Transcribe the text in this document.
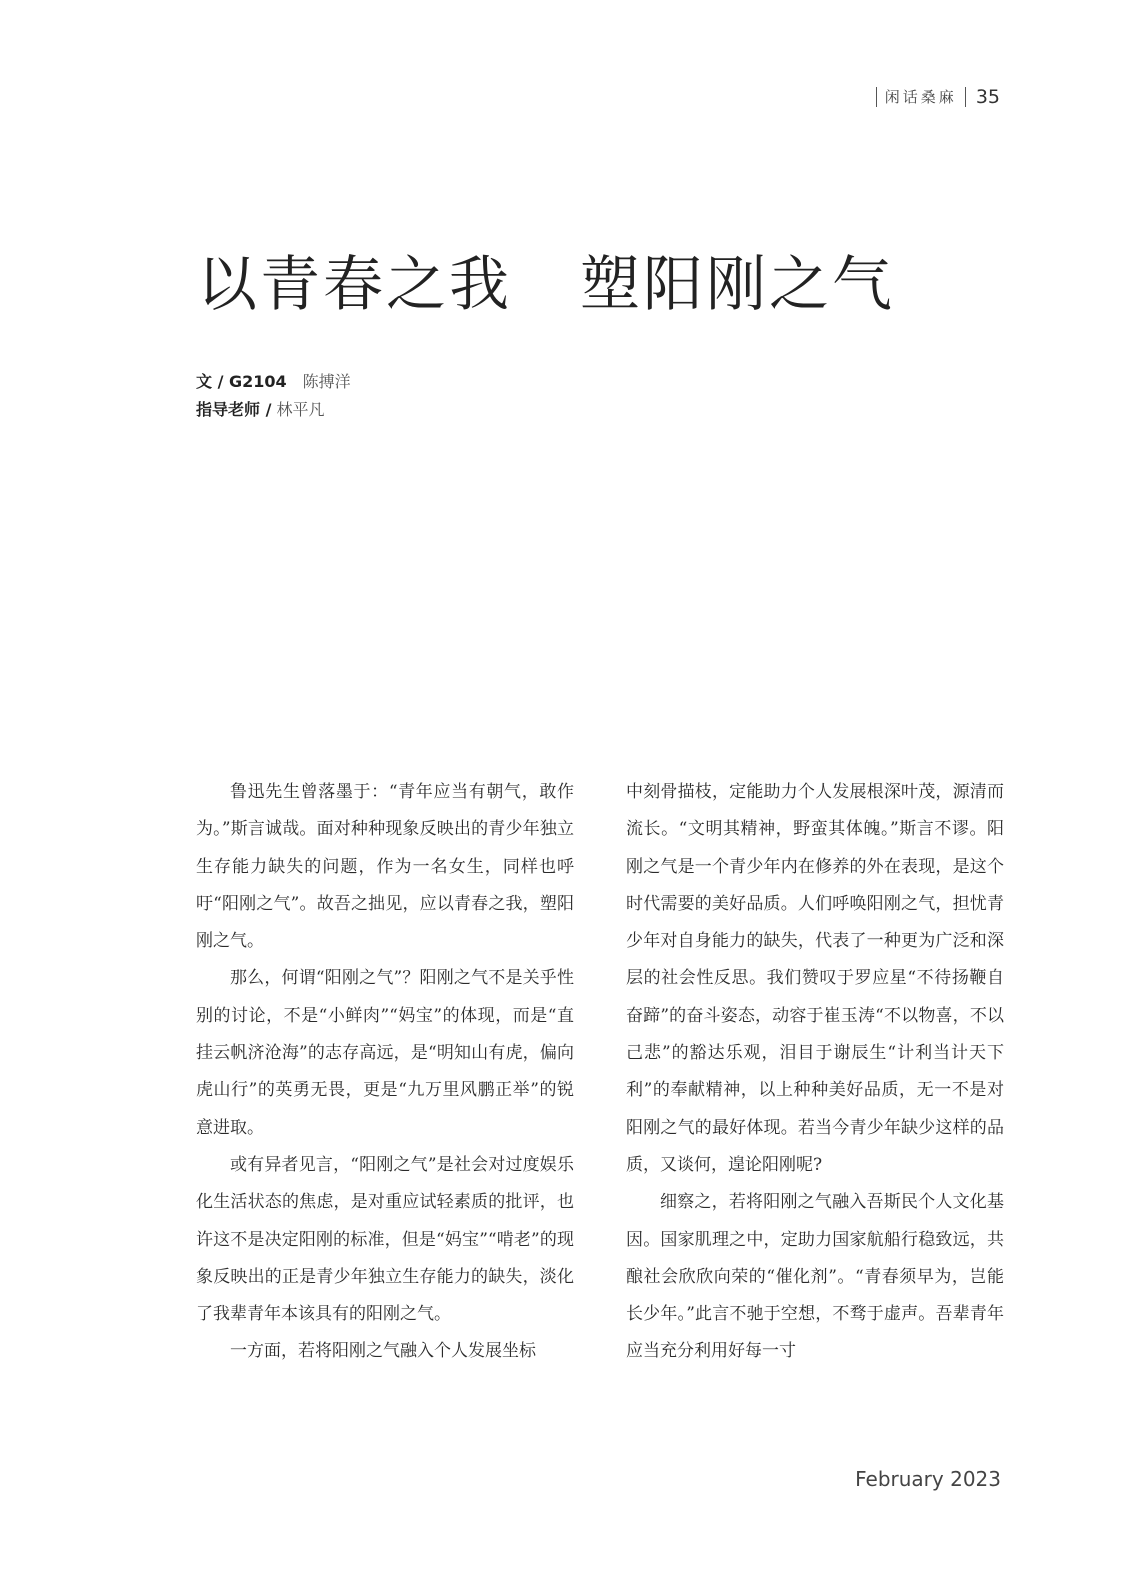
闲话桑麻	35
以青春之我 塑阳刚之气
文 / G2104 陈搏洋
指导老师 / 林平凡

鲁迅先生曾落墨于：“青年应当有朝气，敢作为。”斯言诚哉。面对种种现象反映出的青少年独立生存能力缺失的问题，作为一名女生，同样也呼吁“阳刚之气”。故吾之拙见，应以青春之我，塑阳刚之气。

那么，何谓“阳刚之气”？阳刚之气不是关乎性别的讨论，不是“小鲜肉”“妈宝”的体现，而是“直挂云帆济沧海”的志存高远，是“明知山有虎，偏向虎山行”的英勇无畏，更是“九万里风鹏正举”的锐意进取。

或有异者见言，“阳刚之气”是社会对过度娱乐化生活状态的焦虑，是对重应试轻素质的批评，也许这不是决定阳刚的标准，但是“妈宝”“啃老”的现象反映出的正是青少年独立生存能力的缺失，淡化了我辈青年本该具有的阳刚之气。

一方面，若将阳刚之气融入个人发展坐标

中刻骨描枝，定能助力个人发展根深叶茂，源清而流长。“文明其精神，野蛮其体魄。”斯言不谬。阳刚之气是一个青少年内在修养的外在表现，是这个时代需要的美好品质。人们呼唤阳刚之气，担忧青少年对自身能力的缺失，代表了一种更为广泛和深层的社会性反思。我们赞叹于罗应星“不待扬鞭自奋蹄”的奋斗姿态，动容于崔玉涛“不以物喜，不以己悲”的豁达乐观，泪目于谢辰生“计利当计天下利”的奉献精神，以上种种美好品质，无一不是对阳刚之气的最好体现。若当今青少年缺少这样的品质，又谈何，遑论阳刚呢?

细察之，若将阳刚之气融入吾斯民个人文化基因。国家肌理之中，定助力国家航船行稳致远，共酿社会欣欣向荣的“催化剂”。“青春须早为，岂能长少年。”此言不驰于空想，不骛于虚声。吾辈青年应当充分利用好每一寸

February 2023
